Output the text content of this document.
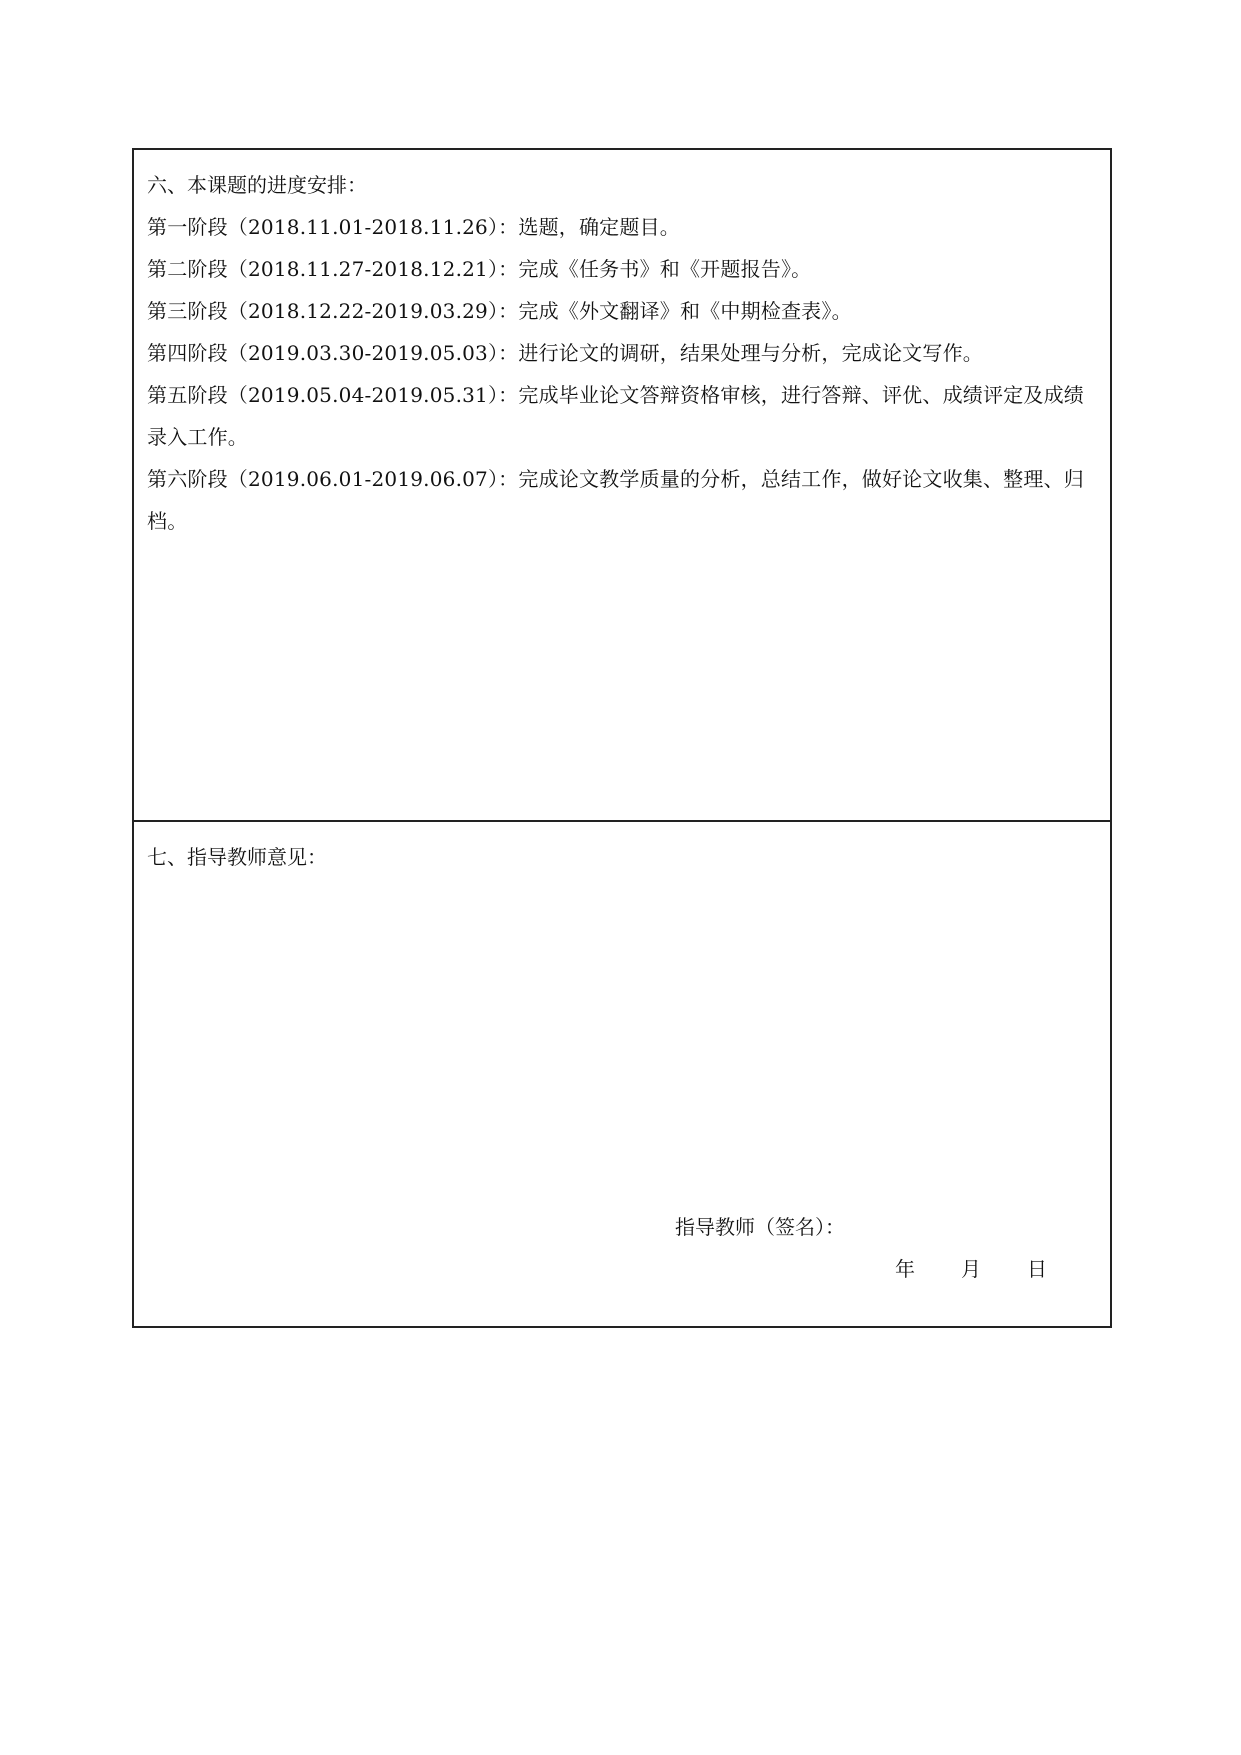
六、本课题的进度安排：
第一阶段（2018.11.01-2018.11.26）：选题，确定题目。
第二阶段（2018.11.27-2018.12.21）：完成《任务书》和《开题报告》。
第三阶段（2018.12.22-2019.03.29）：完成《外文翻译》和《中期检查表》。
第四阶段（2019.03.30-2019.05.03）：进行论文的调研，结果处理与分析，完成论文写作。
第五阶段（2019.05.04-2019.05.31）：完成毕业论文答辩资格审核，进行答辩、评优、成绩评定及成绩录入工作。
第六阶段（2019.06.01-2019.06.07）：完成论文教学质量的分析，总结工作，做好论文收集、整理、归档。
七、指导教师意见：
指导教师（签名）：
年 月 日
